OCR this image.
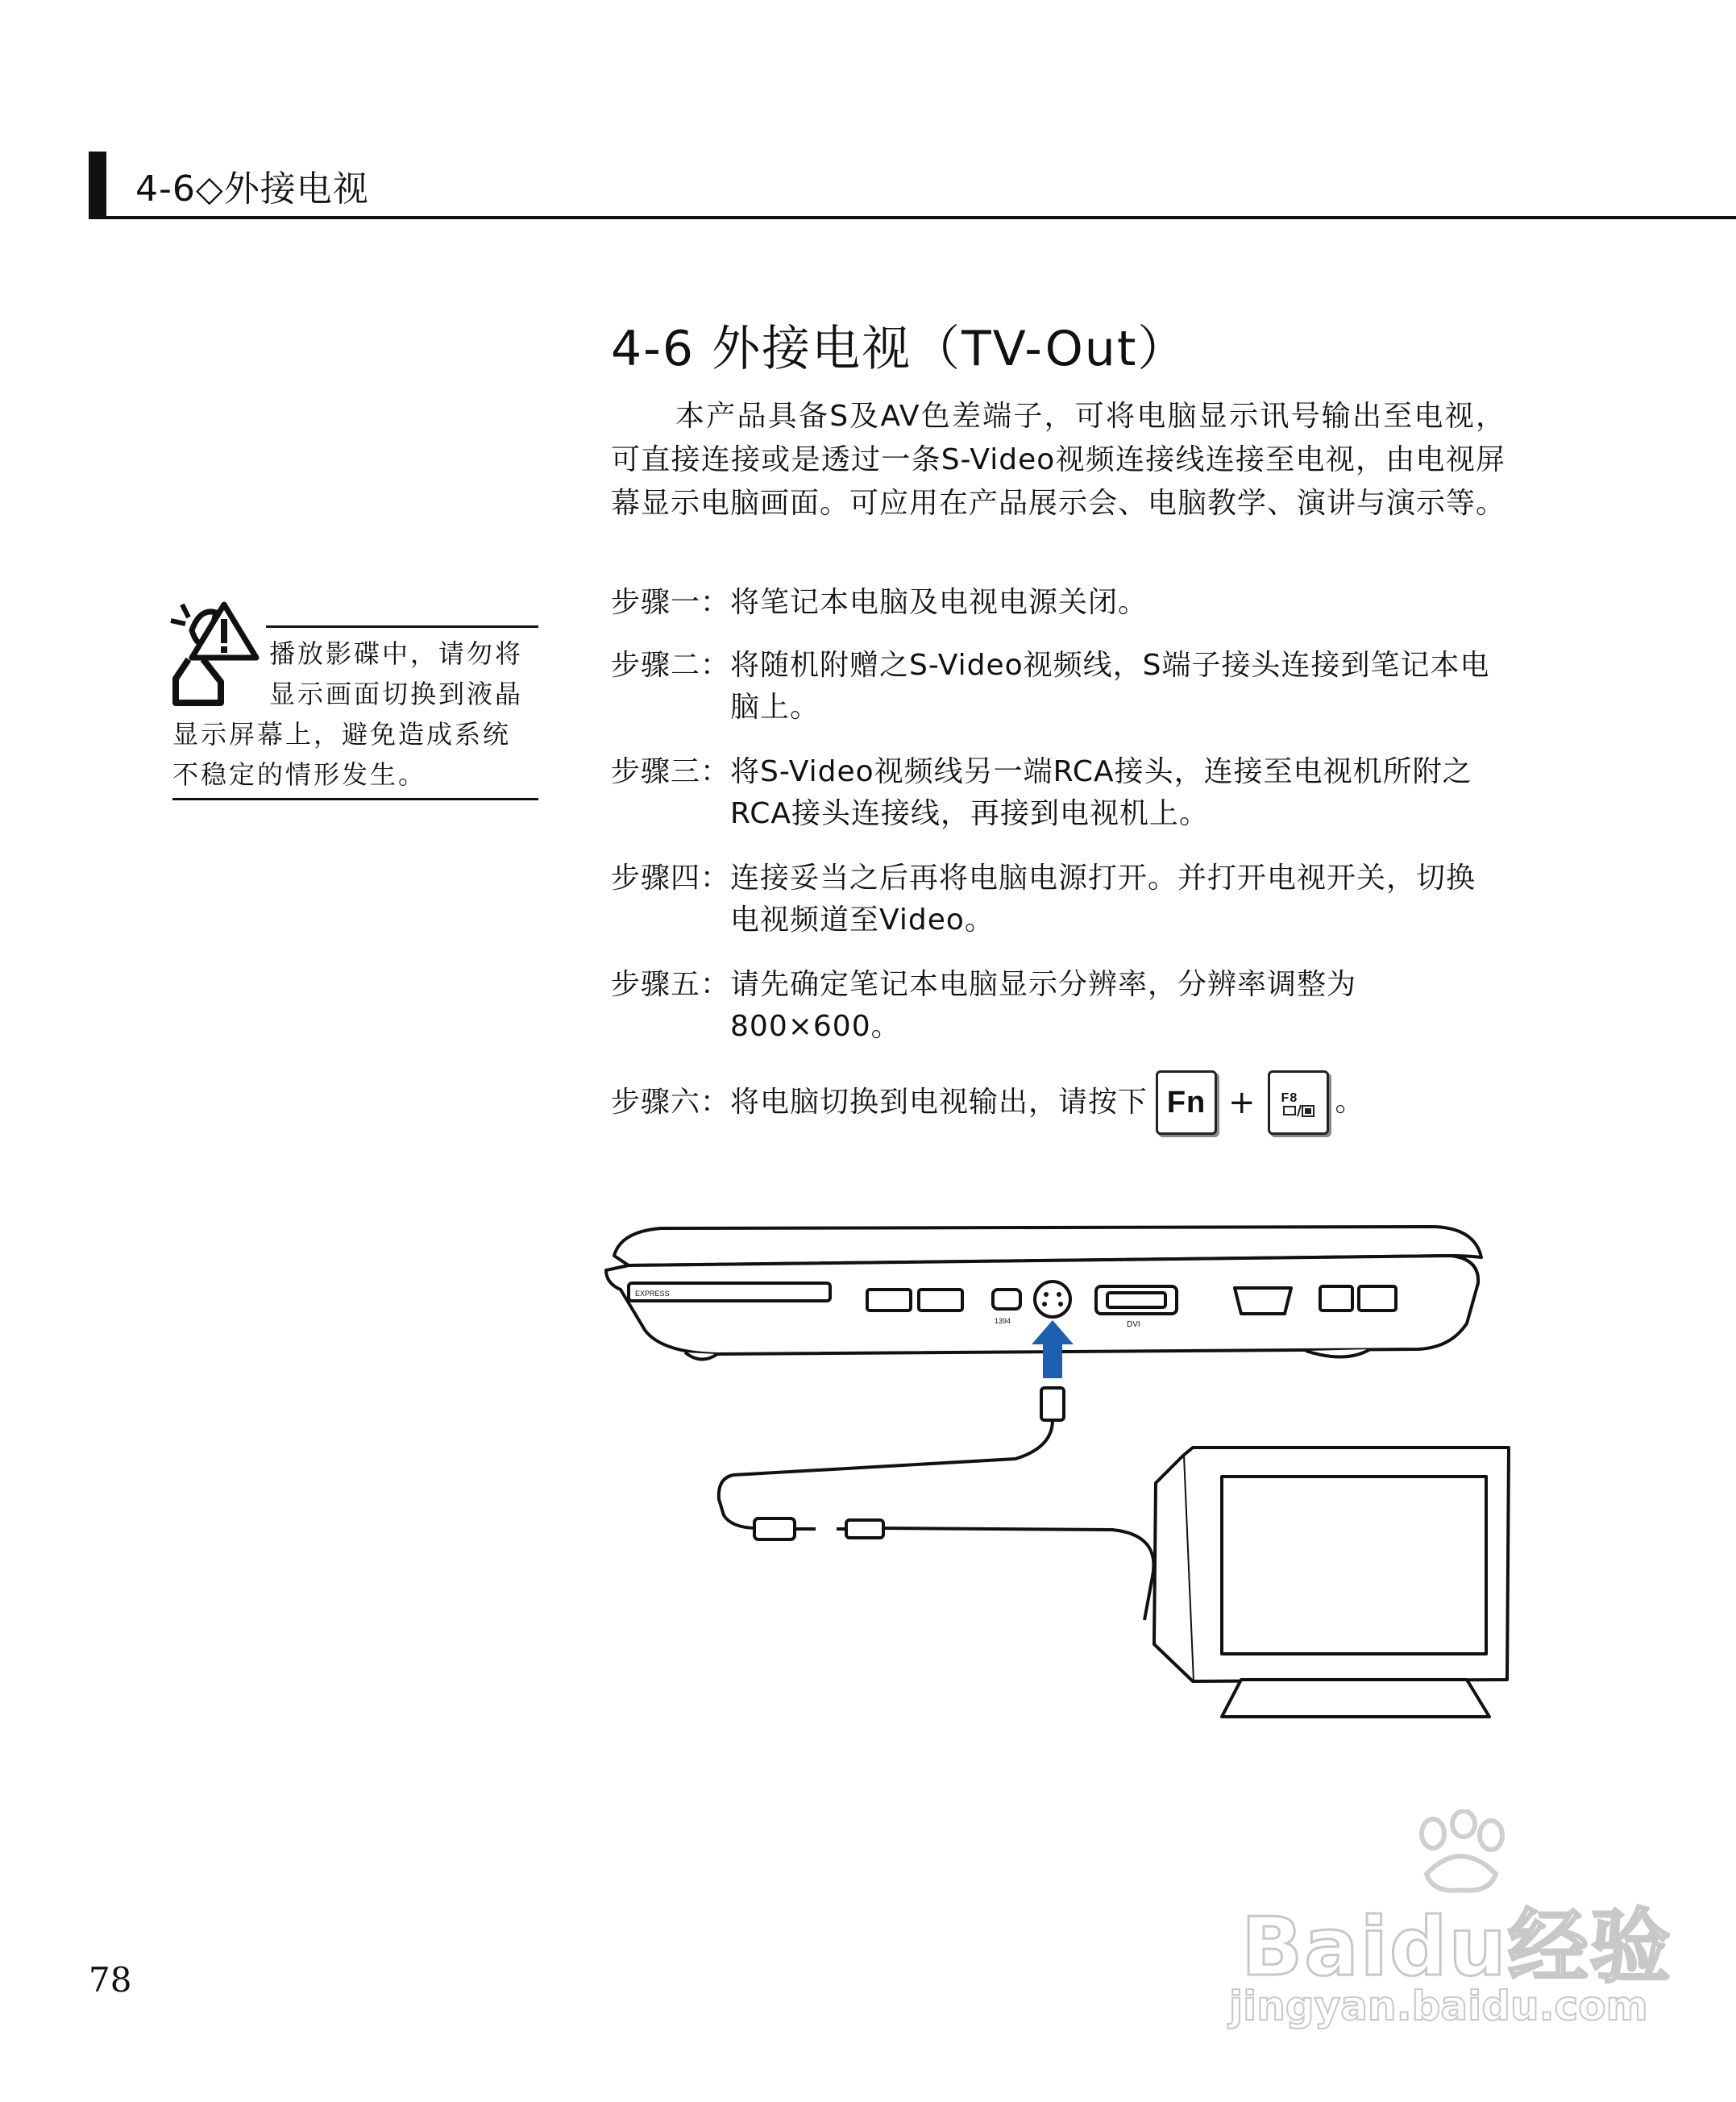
4-6◇外接电视
4-6 外接电视（TV-Out）
本产品具备S及AV色差端子，可将电脑显示讯号输出至电视，可直接连接或是透过一条S-Video视频连接线连接至电视，由电视屏幕显示电脑画面。可应用在产品展示会、电脑教学、演讲与演示等。
步骤一： 将笔记本电脑及电视电源关闭。
步骤二： 将随机附赠之S-Video视频线，S端子接头连接到笔记本电脑上。
步骤三： 将S-Video视频线另一端RCA接头，连接至电视机所附之RCA接头连接线，再接到电视机上。
步骤四： 连接妥当之后再将电脑电源打开。并打开电视开关，切换电视频道至Video。
步骤五： 请先确定笔记本电脑显示分辨率，分辨率调整为800×600。
步骤六： 将电脑切换到电视输出，请按下 Fn + F8 。
播放影碟中，请勿将
显示画面切换到液晶
显示屏幕上，避免造成系统
不稳定的情形发生。
EXPRESS
1394	DVI
78	Baidu经验
jingyan.baidu.com
